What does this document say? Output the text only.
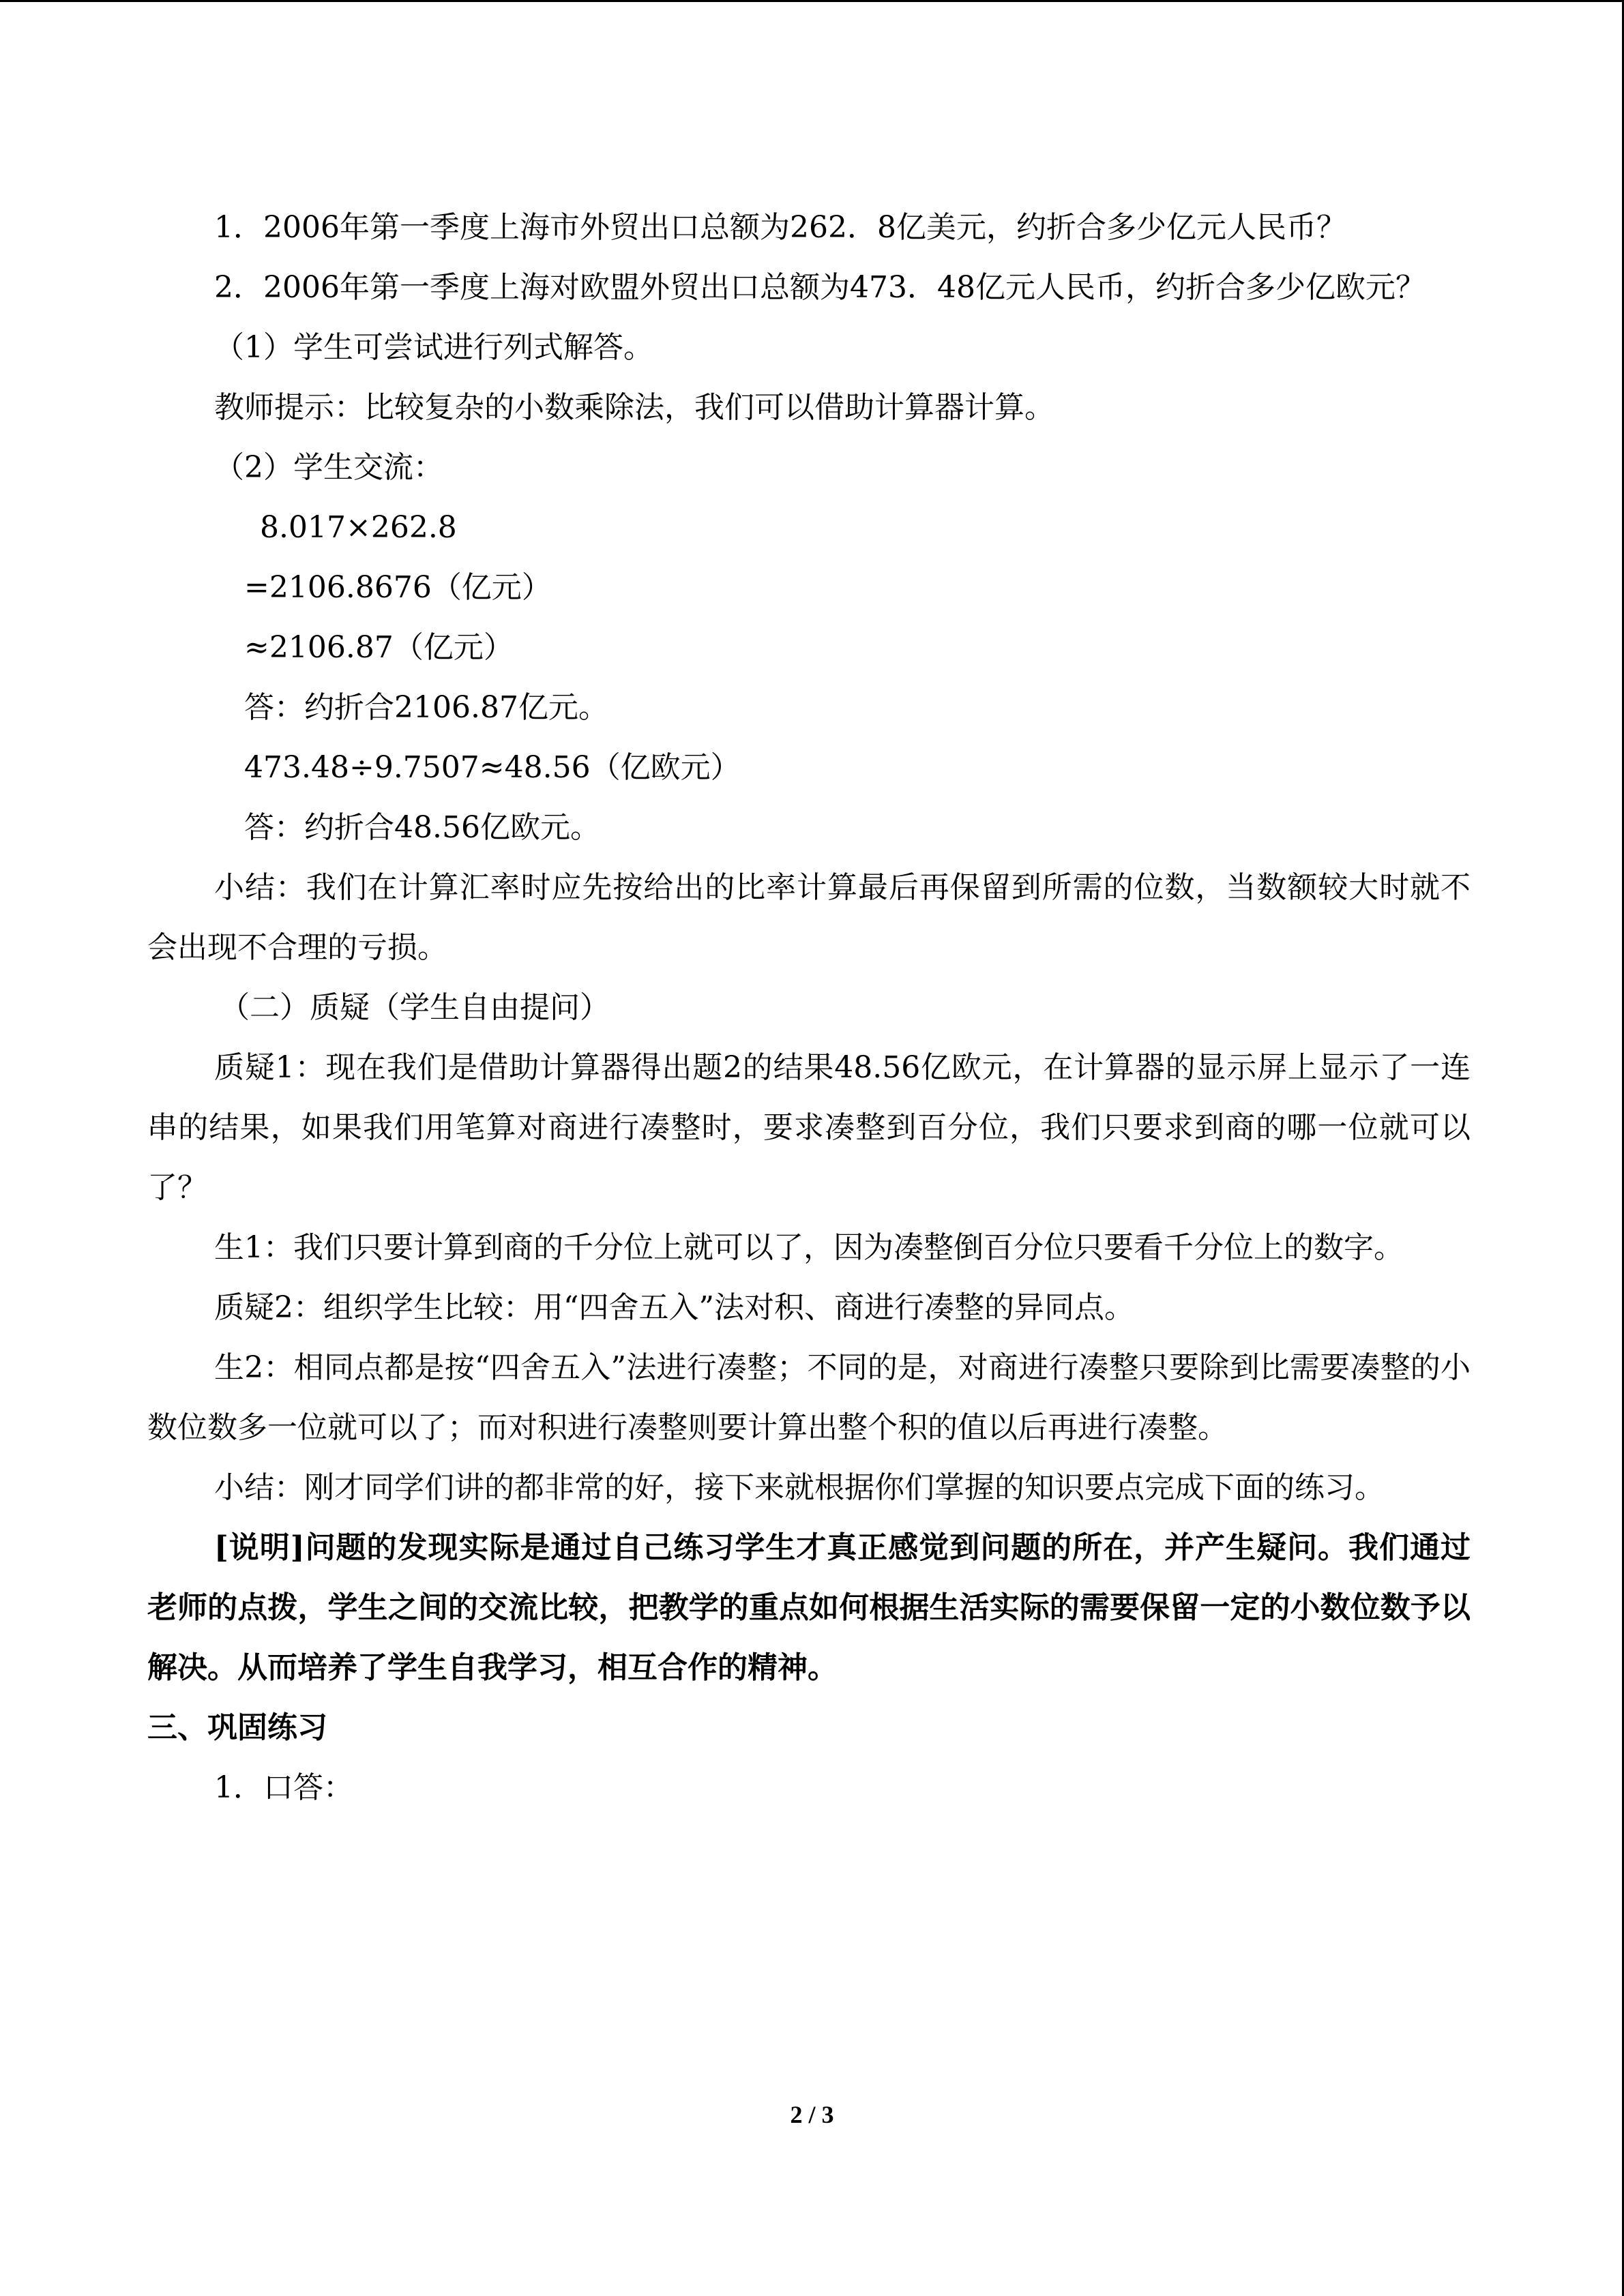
1．2006年第一季度上海市外贸出口总额为262．8亿美元，约折合多少亿元人民币？

2．2006年第一季度上海对欧盟外贸出口总额为473．48亿元人民币，约折合多少亿欧元？

（1）学生可尝试进行列式解答。

教师提示：比较复杂的小数乘除法，我们可以借助计算器计算。

（2）学生交流：

8.017×262.8

=2106.8676（亿元）

≈2106.87（亿元）

答：约折合2106.87亿元。

473.48÷9.7507≈48.56（亿欧元）

答：约折合48.56亿欧元。

小结：我们在计算汇率时应先按给出的比率计算最后再保留到所需的位数，当数额较大时就不会出现不合理的亏损。

（二）质疑（学生自由提问）

质疑1：现在我们是借助计算器得出题2的结果48.56亿欧元，在计算器的显示屏上显示了一连串的结果，如果我们用笔算对商进行凑整时，要求凑整到百分位，我们只要求到商的哪一位就可以了？

生1：我们只要计算到商的千分位上就可以了，因为凑整倒百分位只要看千分位上的数字。

质疑2：组织学生比较：用“四舍五入”法对积、商进行凑整的异同点。

生2：相同点都是按“四舍五入”法进行凑整；不同的是，对商进行凑整只要除到比需要凑整的小数位数多一位就可以了；而对积进行凑整则要计算出整个积的值以后再进行凑整。

小结：刚才同学们讲的都非常的好，接下来就根据你们掌握的知识要点完成下面的练习。

[说明]问题的发现实际是通过自己练习学生才真正感觉到问题的所在，并产生疑问。我们通过老师的点拨，学生之间的交流比较，把教学的重点如何根据生活实际的需要保留一定的小数位数予以解决。从而培养了学生自我学习，相互合作的精神。

三、巩固练习

1．口答：

2 / 3
